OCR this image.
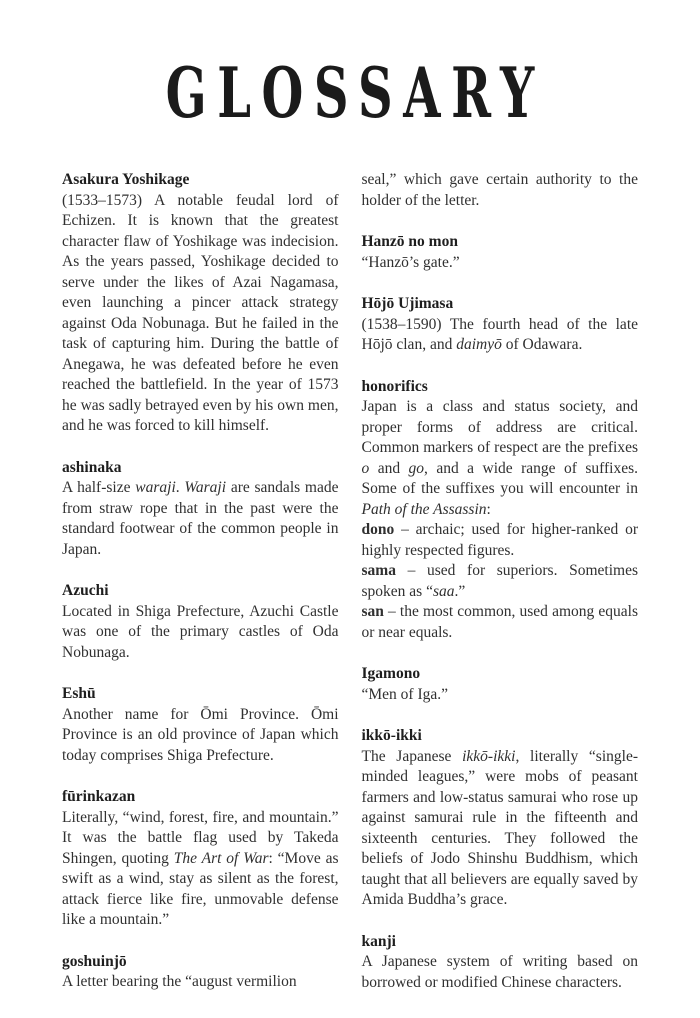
GLOSSARY
Asakura Yoshikage
(1533–1573) A notable feudal lord of Echizen. It is known that the greatest character flaw of Yoshikage was indecision. As the years passed, Yoshikage decided to serve under the likes of Azai Nagamasa, even launching a pincer attack strategy against Oda Nobunaga. But he failed in the task of capturing him. During the battle of Anegawa, he was defeated before he even reached the battlefield. In the year of 1573 he was sadly betrayed even by his own men, and he was forced to kill himself.
ashinaka
A half-size waraji. Waraji are sandals made from straw rope that in the past were the standard footwear of the common people in Japan.
Azuchi
Located in Shiga Prefecture, Azuchi Castle was one of the primary castles of Oda Nobunaga.
Eshū
Another name for Ōmi Province. Ōmi Province is an old province of Japan which today comprises Shiga Prefecture.
fūrinkazan
Literally, “wind, forest, fire, and mountain.” It was the battle flag used by Takeda Shingen, quoting The Art of War: “Move as swift as a wind, stay as silent as the forest, attack fierce like fire, unmovable defense like a mountain.”
goshuinjō
A letter bearing the “august vermilion
seal,” which gave certain authority to the holder of the letter.
Hanzō no mon
“Hanzō’s gate.”
Hōjō Ujimasa
(1538–1590) The fourth head of the late Hōjō clan, and daimyō of Odawara.
honorifics
Japan is a class and status society, and proper forms of address are critical. Common markers of respect are the prefixes o and go, and a wide range of suffixes. Some of the suffixes you will encounter in Path of the Assassin:
dono – archaic; used for higher-ranked or highly respected figures.
sama – used for superiors. Sometimes spoken as “saa.”
san – the most common, used among equals or near equals.
Igamono
“Men of Iga.”
ikkō-ikki
The Japanese ikkō-ikki, literally “single-minded leagues,” were mobs of peasant farmers and low-status samurai who rose up against samurai rule in the fifteenth and sixteenth centuries. They followed the beliefs of Jodo Shinshu Buddhism, which taught that all believers are equally saved by Amida Buddha’s grace.
kanji
A Japanese system of writing based on borrowed or modified Chinese characters.
